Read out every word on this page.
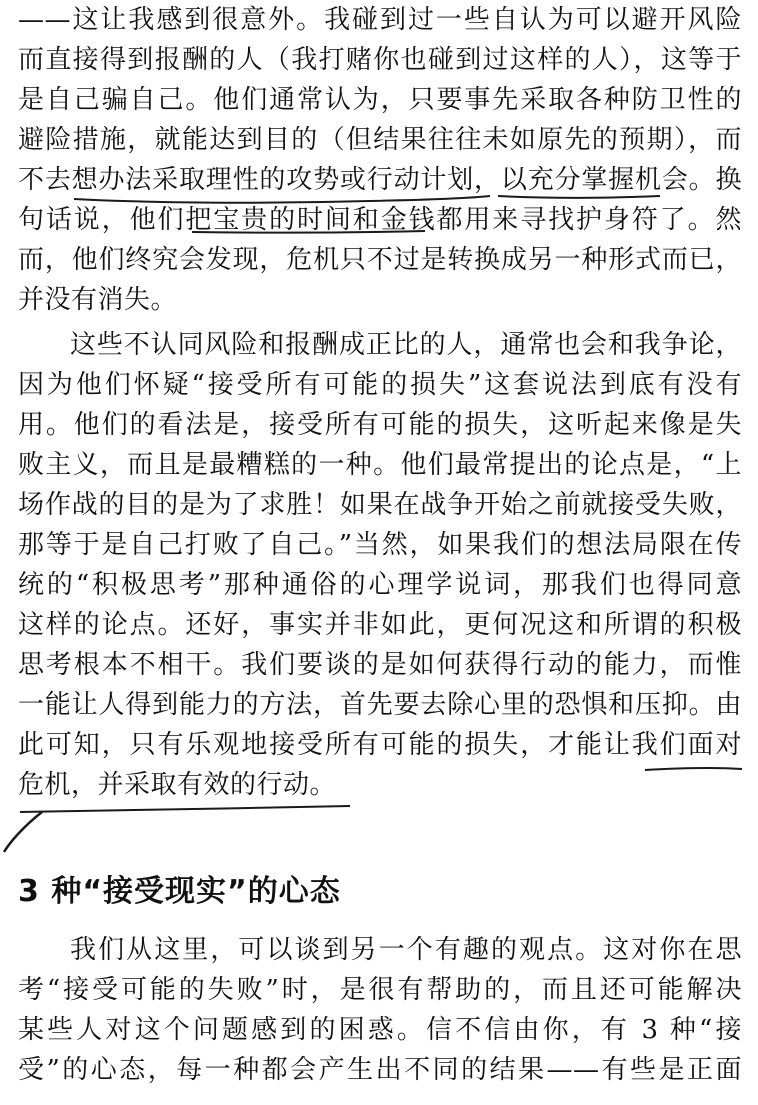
——这让我感到很意外。我碰到过一些自认为可以避开风险
而直接得到报酬的人（我打赌你也碰到过这样的人），这等于
是自己骗自己。他们通常认为，只要事先采取各种防卫性的
避险措施，就能达到目的（但结果往往未如原先的预期），而
不去想办法采取理性的攻势或行动计划，以充分掌握机会。换
句话说，他们把宝贵的时间和金钱都用来寻找护身符了。然
而，他们终究会发现，危机只不过是转换成另一种形式而已，
并没有消失。
这些不认同风险和报酬成正比的人，通常也会和我争论，
因为他们怀疑“接受所有可能的损失”这套说法到底有没有
用。他们的看法是，接受所有可能的损失，这听起来像是失
败主义，而且是最糟糕的一种。他们最常提出的论点是，“上
场作战的目的是为了求胜！如果在战争开始之前就接受失败，
那等于是自己打败了自己。”当然，如果我们的想法局限在传
统的“积极思考”那种通俗的心理学说词，那我们也得同意
这样的论点。还好，事实并非如此，更何况这和所谓的积极
思考根本不相干。我们要谈的是如何获得行动的能力，而惟
一能让人得到能力的方法，首先要去除心里的恐惧和压抑。由
此可知，只有乐观地接受所有可能的损失，才能让我们面对
危机，并采取有效的行动。
3 种“接受现实”的心态
我们从这里，可以谈到另一个有趣的观点。这对你在思
考“接受可能的失败”时，是很有帮助的，而且还可能解决
某些人对这个问题感到的困惑。信不信由你，有 3 种“接
受”的心态，每一种都会产生出不同的结果——有些是正面
